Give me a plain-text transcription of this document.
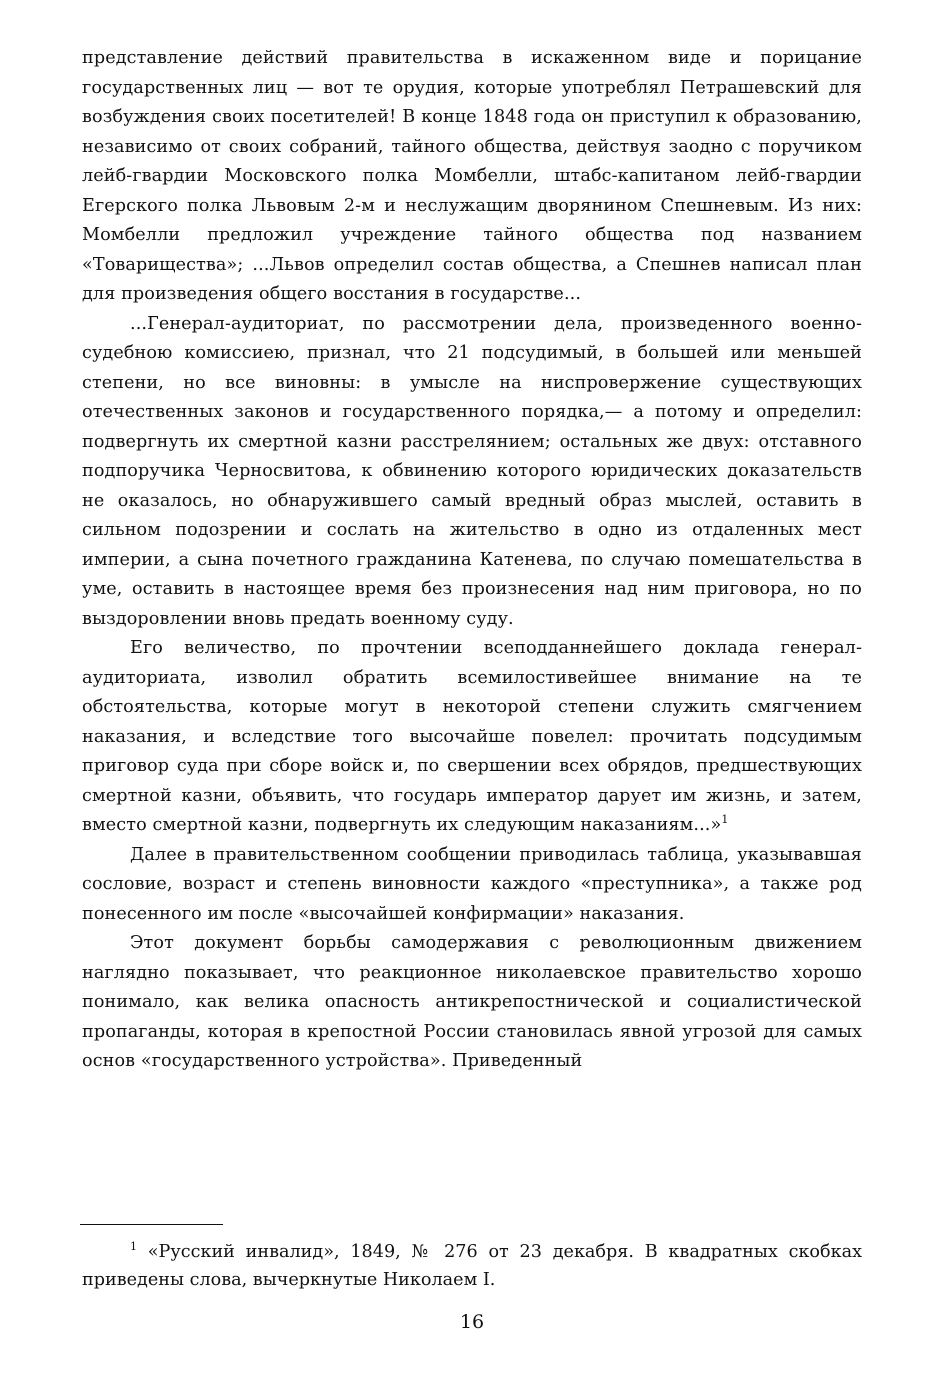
представление действий правительства в искаженном виде и порицание государственных лиц — вот те орудия, которые употреблял Петрашевский для возбуждения своих посетителей! В конце 1848 года он приступил к образованию, независимо от своих собраний, тайного общества, действуя заодно с поручиком лейб-гвардии Московского полка Момбелли, штабс-капитаном лейб-гвардии Егерского полка Львовым 2-м и неслужащим дворянином Спешневым. Из них: Момбелли предложил учреждение тайного общества под названием «Товарищества»; ...Львов определил состав общества, а Спешнев написал план для произведения общего восстания в государстве...

...Генерал-аудиториат, по рассмотрении дела, произведенного военно-судебною комиссиею, признал, что 21 подсудимый, в большей или меньшей степени, но все виновны: в умысле на ниспровержение существующих отечественных законов и государственного порядка,— а потому и определил: подвергнуть их смертной казни расстрелянием; остальных же двух: отставного подпоручика Черносвитова, к обвинению которого юридических доказательств не оказалось, но обнаружившего самый вредный образ мыслей, оставить в сильном подозрении и сослать на жительство в одно из отдаленных мест империи, а сына почетного гражданина Катенева, по случаю помешательства в уме, оставить в настоящее время без произнесения над ним приговора, но по выздоровлении вновь предать военному суду.

Его величество, по прочтении всеподданнейшего доклада генерал-аудиториата, изволил обратить всемилостивейшее внимание на те обстоятельства, которые могут в некоторой степени служить смягчением наказания, и вследствие того высочайше повелел: прочитать подсудимым приговор суда при сборе войск и, по свершении всех обрядов, предшествующих смертной казни, объявить, что государь император дарует им жизнь, и затем, вместо смертной казни, подвергнуть их следующим наказаниям...»$^1$

Далее в правительственном сообщении приводилась таблица, указывавшая сословие, возраст и степень виновности каждого «преступника», а также род понесенного им после «высочайшей конфирмации» наказания.

Этот документ борьбы самодержавия с революционным движением наглядно показывает, что реакционное николаевское правительство хорошо понимало, как велика опасность антикрепостнической и социалистической пропаганды, которая в крепостной России становилась явной угрозой для самых основ «государственного устройства». Приведенный

$^1$ «Русский инвалид», 1849, № 276 от 23 декабря. В квадратных скобках приведены слова, вычеркнутые Николаем I.

16
